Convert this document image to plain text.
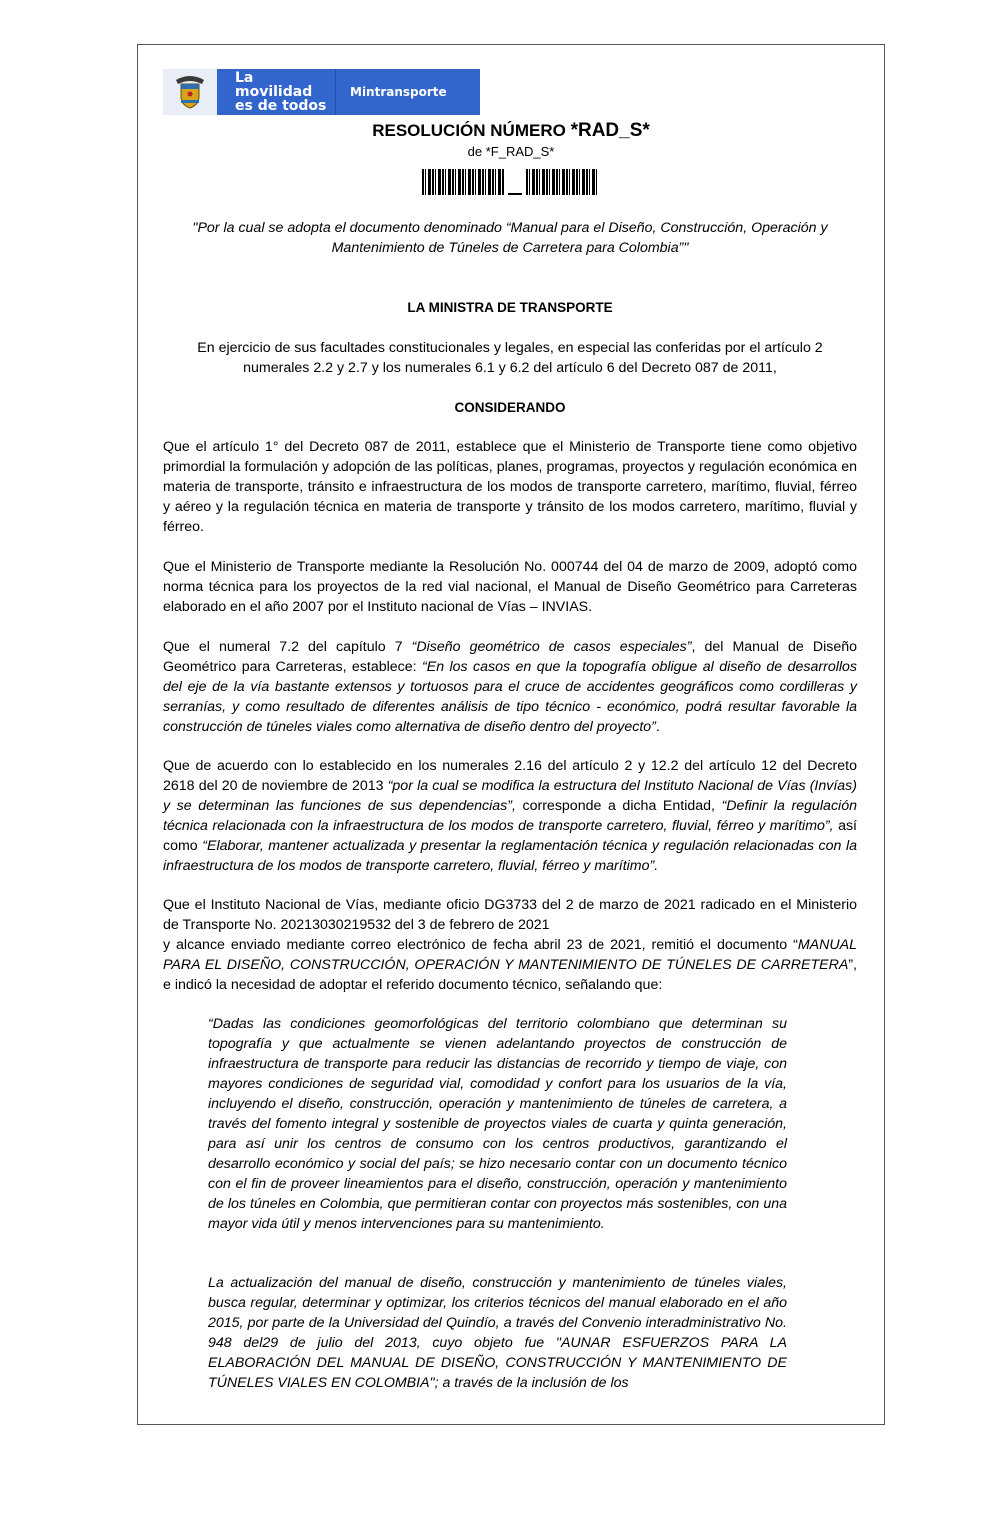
La movilidad
es de todos
Mintransporte
RESOLUCIÓN NÚMERO *RAD_S*
de *F_RAD_S*

"Por la cual se adopta el documento denominado “Manual para el Diseño, Construcción, Operación y Mantenimiento de Túneles de Carretera para Colombia”"

LA MINISTRA DE TRANSPORTE

En ejercicio de sus facultades constitucionales y legales, en especial las conferidas por el artículo 2 numerales 2.2 y 2.7 y los numerales 6.1 y 6.2 del artículo 6 del Decreto 087 de 2011,

CONSIDERANDO

Que el artículo 1° del Decreto 087 de 2011, establece que el Ministerio de Transporte tiene como objetivo primordial la formulación y adopción de las políticas, planes, programas, proyectos y regulación económica en materia de transporte, tránsito e infraestructura de los modos de transporte carretero, marítimo, fluvial, férreo y aéreo y la regulación técnica en materia de transporte y tránsito de los modos carretero, marítimo, fluvial y férreo.

Que el Ministerio de Transporte mediante la Resolución No. 000744 del 04 de marzo de 2009, adoptó como norma técnica para los proyectos de la red vial nacional, el Manual de Diseño Geométrico para Carreteras elaborado en el año 2007 por el Instituto nacional de Vías – INVIAS.

Que el numeral 7.2 del capítulo 7 “Diseño geométrico de casos especiales”, del Manual de Diseño Geométrico para Carreteras, establece: “En los casos en que la topografía obligue al diseño de desarrollos del eje de la vía bastante extensos y tortuosos para el cruce de accidentes geográficos como cordilleras y serranías, y como resultado de diferentes análisis de tipo técnico - económico, podrá resultar favorable la construcción de túneles viales como alternativa de diseño dentro del proyecto”.

Que de acuerdo con lo establecido en los numerales 2.16 del artículo 2 y 12.2 del artículo 12 del Decreto 2618 del 20 de noviembre de 2013 “por la cual se modifica la estructura del Instituto Nacional de Vías (Invías) y se determinan las funciones de sus dependencias”, corresponde a dicha Entidad, “Definir la regulación técnica relacionada con la infraestructura de los modos de transporte carretero, fluvial, férreo y marítimo”, así como “Elaborar, mantener actualizada y presentar la reglamentación técnica y regulación relacionadas con la infraestructura de los modos de transporte carretero, fluvial, férreo y marítimo”.

Que el Instituto Nacional de Vías, mediante oficio DG3733 del 2 de marzo de 2021 radicado en el Ministerio de Transporte No. 20213030219532 del 3 de febrero de 2021
y alcance enviado mediante correo electrónico de fecha abril 23 de 2021, remitió el documento “MANUAL PARA EL DISEÑO, CONSTRUCCIÓN, OPERACIÓN Y MANTENIMIENTO DE TÚNELES DE CARRETERA”, e indicó la necesidad de adoptar el referido documento técnico, señalando que:

“Dadas las condiciones geomorfológicas del territorio colombiano que determinan su topografía y que actualmente se vienen adelantando proyectos de construcción de infraestructura de transporte para reducir las distancias de recorrido y tiempo de viaje, con mayores condiciones de seguridad vial, comodidad y confort para los usuarios de la vía, incluyendo el diseño, construcción, operación y mantenimiento de túneles de carretera, a través del fomento integral y sostenible de proyectos viales de cuarta y quinta generación, para así unir los centros de consumo con los centros productivos, garantizando el desarrollo económico y social del país; se hizo necesario contar con un documento técnico con el fin de proveer lineamientos para el diseño, construcción, operación y mantenimiento de los túneles en Colombia, que permitieran contar con proyectos más sostenibles, con una mayor vida útil y menos intervenciones para su mantenimiento.

La actualización del manual de diseño, construcción y mantenimiento de túneles viales, busca regular, determinar y optimizar, los criterios técnicos del manual elaborado en el año 2015, por parte de la Universidad del Quindío, a través del Convenio interadministrativo No. 948 del29 de julio del 2013, cuyo objeto fue "AUNAR ESFUERZOS PARA LA ELABORACIÓN DEL MANUAL DE DISEÑO, CONSTRUCCIÓN Y MANTENIMIENTO DE TÚNELES VIALES EN COLOMBIA"; a través de la inclusión de los
